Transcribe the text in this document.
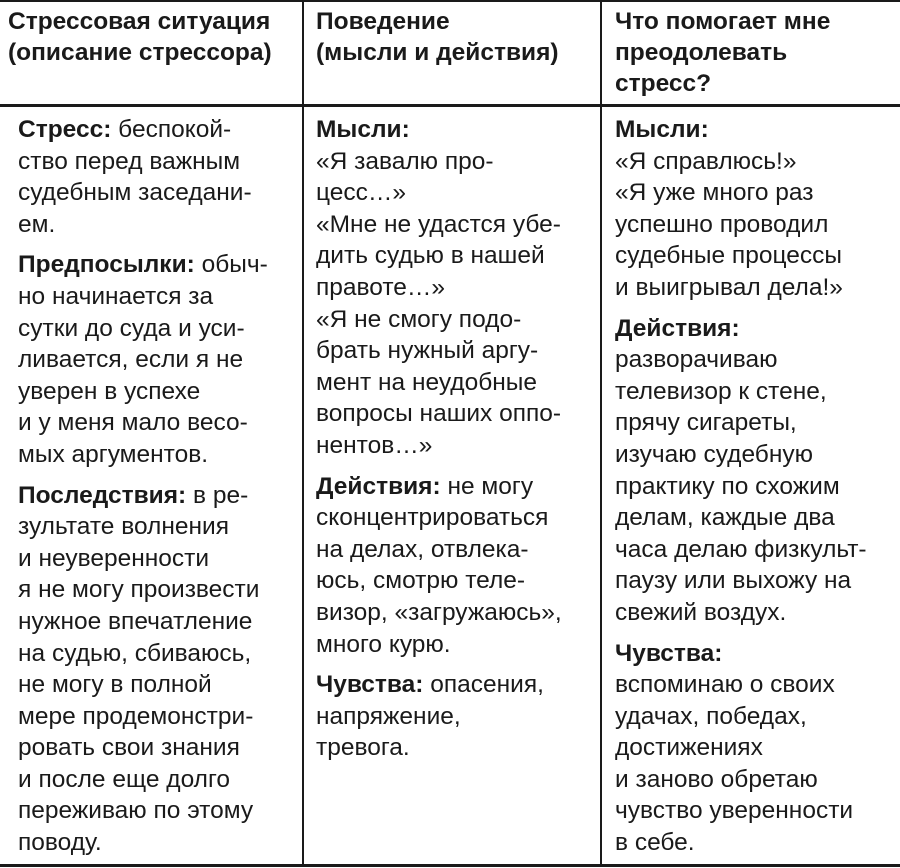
Стрессовая ситуация
(описание стрессора)
Поведение
(мысли и действия)
Что помогает мне
преодолевать
стресс?
Стресс: беспокой-
ство перед важным
судебным заседани-
ем.
Предпосылки: обыч-
но начинается за
сутки до суда и уси-
ливается, если я не
уверен в успехе
и у меня мало весо-
мых аргументов.
Последствия: в ре-
зультате волнения
и неуверенности
я не могу произвести
нужное впечатление
на судью, сбиваюсь,
не могу в полной
мере продемонстри-
ровать свои знания
и после еще долго
переживаю по этому
поводу.
Мысли:
«Я завалю про-
цесс…»
«Мне не удастся убе-
дить судью в нашей
правоте…»
«Я не смогу подо-
брать нужный аргу-
мент на неудобные
вопросы наших оппо-
нентов…»
Действия: не могу
сконцентрироваться
на делах, отвлека-
юсь, смотрю теле-
визор, «загружаюсь»,
много курю.
Чувства: опасения,
напряжение,
тревога.
Мысли:
«Я справлюсь!»
«Я уже много раз
успешно проводил
судебные процессы
и выигрывал дела!»
Действия:
разворачиваю
телевизор к стене,
прячу сигареты,
изучаю судебную
практику по схожим
делам, каждые два
часа делаю физкульт-
паузу или выхожу на
свежий воздух.
Чувства:
вспоминаю о своих
удачах, победах,
достижениях
и заново обретаю
чувство уверенности
в себе.
